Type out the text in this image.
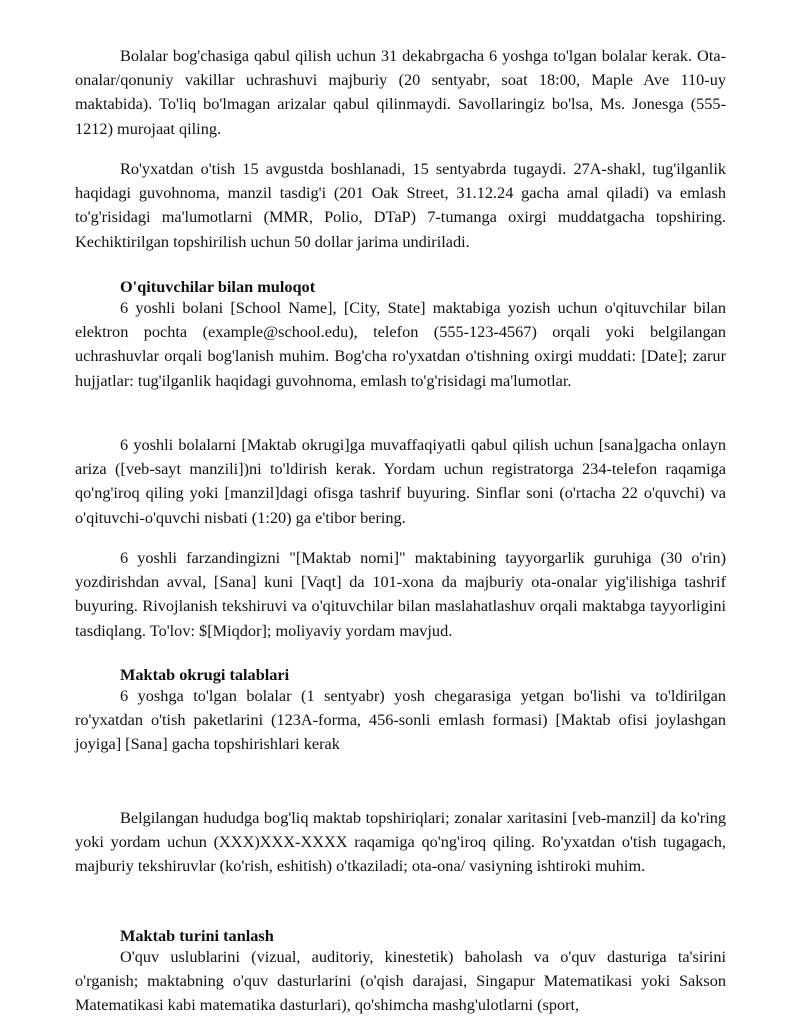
Bolalar bog'chasiga qabul qilish uchun 31 dekabrgacha 6 yoshga to'lgan bolalar kerak. Ota-onalar/qonuniy vakillar uchrashuvi majburiy (20 sentyabr, soat 18:00, Maple Ave 110-uy maktabida). To'liq bo'lmagan arizalar qabul qilinmaydi. Savollaringiz bo'lsa, Ms. Jonesga (555-1212) murojaat qiling.

Ro'yxatdan o'tish 15 avgustda boshlanadi, 15 sentyabrda tugaydi. 27A-shakl, tug'ilganlik haqidagi guvohnoma, manzil tasdig'i (201 Oak Street, 31.12.24 gacha amal qiladi) va emlash to'g'risidagi ma'lumotlarni (MMR, Polio, DTaP) 7-tumanga oxirgi muddatgacha topshiring. Kechiktirilgan topshirilish uchun 50 dollar jarima undiriladi.

O'qituvchilar bilan muloqot

6 yoshli bolani [School Name], [City, State] maktabiga yozish uchun o'qituvchilar bilan elektron pochta (example@school.edu), telefon (555-123-4567) orqali yoki belgilangan uchrashuvlar orqali bog'lanish muhim. Bog'cha ro'yxatdan o'tishning oxirgi muddati: [Date]; zarur hujjatlar: tug'ilganlik haqidagi guvohnoma, emlash to'g'risidagi ma'lumotlar.

6 yoshli bolalarni [Maktab okrugi]ga muvaffaqiyatli qabul qilish uchun [sana]gacha onlayn ariza ([veb-sayt manzili])ni to'ldirish kerak. Yordam uchun registratorga 234-telefon raqamiga qo'ng'iroq qiling yoki [manzil]dagi ofisga tashrif buyuring. Sinflar soni (o'rtacha 22 o'quvchi) va o'qituvchi-o'quvchi nisbati (1:20) ga e'tibor bering.

6 yoshli farzandingizni "[Maktab nomi]" maktabining tayyorgarlik guruhiga (30 o'rin) yozdirishdan avval, [Sana] kuni [Vaqt] da 101-xona da majburiy ota-onalar yig'ilishiga tashrif buyuring. Rivojlanish tekshiruvi va o'qituvchilar bilan maslahatlashuv orqali maktabga tayyorligini tasdiqlang. To'lov: $[Miqdor]; moliyaviy yordam mavjud.

Maktab okrugi talablari

6 yoshga to'lgan bolalar (1 sentyabr) yosh chegarasiga yetgan bo'lishi va to'ldirilgan ro'yxatdan o'tish paketlarini (123A-forma, 456-sonli emlash formasi) [Maktab ofisi joylashgan joyiga] [Sana] gacha topshirishlari kerak

Belgilangan hududga bog'liq maktab topshiriqlari; zonalar xaritasini [veb-manzil] da ko'ring yoki yordam uchun (XXX)XXX-XXXX raqamiga qo'ng'iroq qiling. Ro'yxatdan o'tish tugagach, majburiy tekshiruvlar (ko'rish, eshitish) o'tkaziladi; ota-ona/ vasiyning ishtiroki muhim.

Maktab turini tanlash

O'quv uslublarini (vizual, auditoriy, kinestetik) baholash va o'quv dasturiga ta'sirini o'rganish; maktabning o'quv dasturlarini (o'qish darajasi, Singapur Matematikasi yoki Sakson Matematikasi kabi matematika dasturlari), qo'shimcha mashg'ulotlarni (sport,
